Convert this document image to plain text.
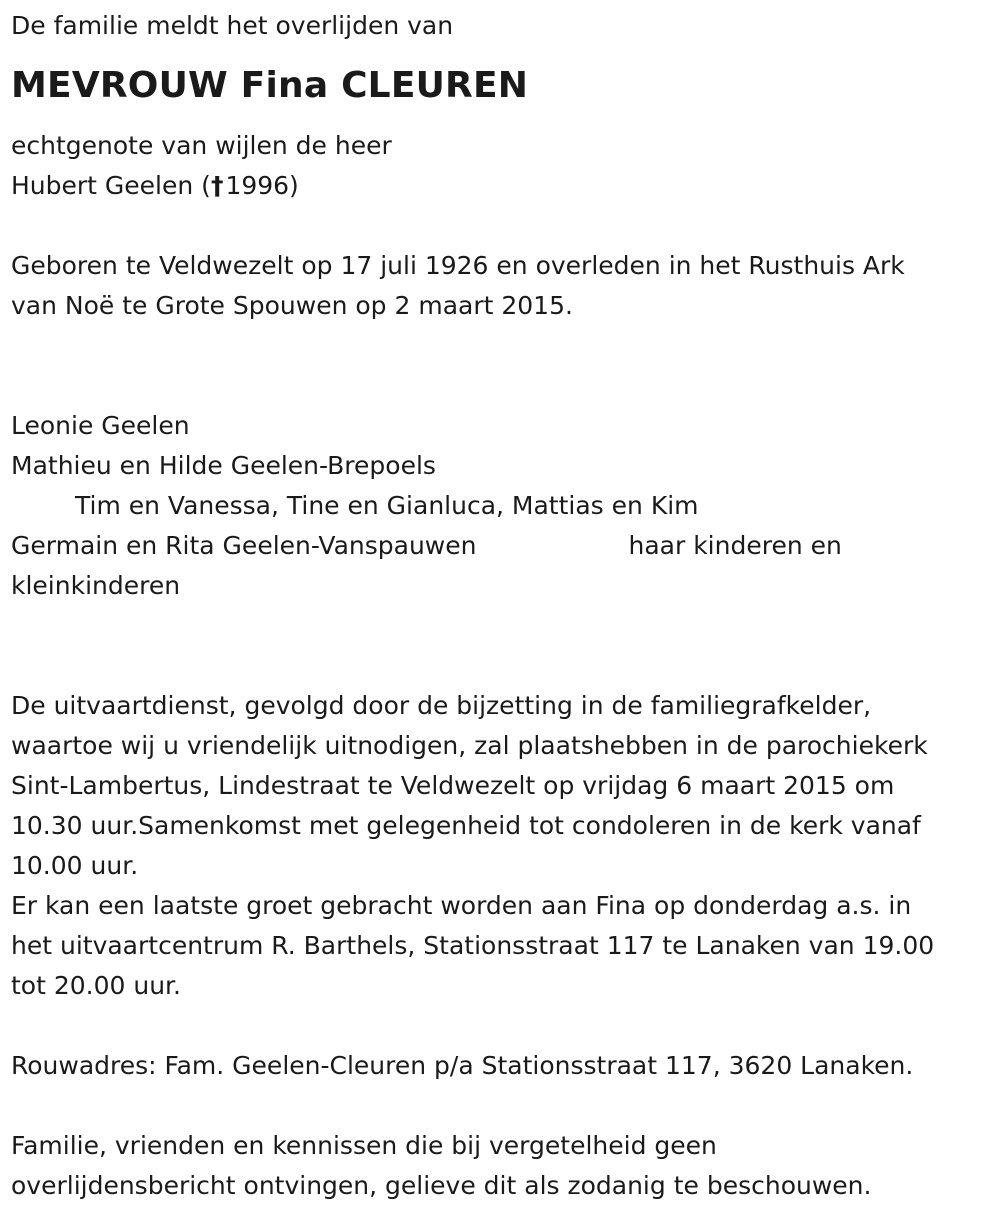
De familie meldt het overlijden van
MEVROUW Fina CLEUREN
echtgenote van wijlen de heer
Hubert Geelen (†1996)
Geboren te Veldwezelt op 17 juli 1926 en overleden in het Rusthuis Ark
van Noë te Grote Spouwen op 2 maart 2015.
Leonie Geelen
Mathieu en Hilde Geelen-Brepoels
Tim en Vanessa, Tine en Gianluca, Mattias en Kim
Germain en Rita Geelen-Vanspauwen	haar kinderen en
kleinkinderen
De uitvaartdienst, gevolgd door de bijzetting in de familiegrafkelder,
waartoe wij u vriendelijk uitnodigen, zal plaatshebben in de parochiekerk
Sint-Lambertus, Lindestraat te Veldwezelt op vrijdag 6 maart 2015 om
10.30 uur.Samenkomst met gelegenheid tot condoleren in de kerk vanaf
10.00 uur.
Er kan een laatste groet gebracht worden aan Fina op donderdag a.s. in
het uitvaartcentrum R. Barthels, Stationsstraat 117 te Lanaken van 19.00
tot 20.00 uur.
Rouwadres: Fam. Geelen-Cleuren p/a Stationsstraat 117, 3620 Lanaken.
Familie, vrienden en kennissen die bij vergetelheid geen
overlijdensbericht ontvingen, gelieve dit als zodanig te beschouwen.
